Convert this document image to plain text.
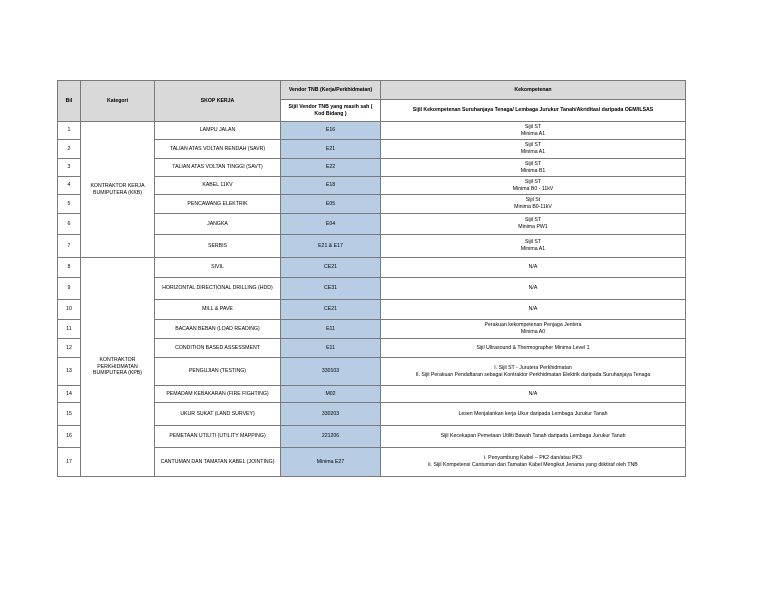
Bil	Kategori	SKOP KERJA	Vendor TNB (Kerja/Perkhidmatan)	Kekompetenan
			Sijil Vendor TNB yang masih sah ( Kod Bidang )	Sijil Kekompetenan Suruhanjaya Tenaga/ Lembaga Jurukur Tanah/Akriditasi daripada OEM/ILSAS
1	KONTRAKTOR KERJA BUMIPUTERA (KKB)	LAMPU JALAN	E16	Sijil ST
Minima A1

2		TALIAN ATAS VOLTAN RENDAH (SAVR)	E21	Sijil ST
Minima A1

3		TALIAN ATAS VOLTAN TINGGI (SAVT)	E22	Sijil ST
Minima B1

4		KABEL 11KV	E18	Sijil ST
Minima B0 - 11kV

5		PENCAWANG ELEKTRIK	E05	Sijil St
Minima B0-11kV

6		JANGKA	E04	Sijil ST
Minima PW1

7		SERBIS	E21 & E17	Sijil ST
Minima A1

8	KONTRAKTOR PERKHIDMATAN BUMIPUTERA (KPB)	SIVIL	CE21	N/A

9		HORIZONTAL DIRECTIONAL DRILLING (HDD)	CE31	N/A

10		MILL & PAVE	CE21	N/A

11		BACAAN BEBAN (LOAD READING)	E11	Perakuan kekompetenan Penjaga Jentera
Minima A0

12		CONDITION BASED ASSESSMENT	E11	Sijil Ultrasound & Thermographer Minima Level 1

13		PENGUJIAN (TESTING)	330103	I. Sijil ST - Jurutera Perkhidmatan
II. Sijil Perakuan Pendaftaran sebagai Kontraktor Perkhidmatan Elektrik daripada Suruhanjaya Tenaga

14		PEMADAM KEBAKARAN (FIRE FIGHTING)	M02	N/A

15		UKUR SUKAT (LAND SURVEY)	330203	Lesen Menjalankan kerja Ukur daripada Lembaga Jurukur Tanah

16		PEMETAAN UTILITI (UTILITY MAPPING)	221206	Sijil Kecekapan Pemetaan Utiliti Bawah Tanah daripada Lembaga Jurukur Tanah

17		CANTUMAN DAN TAMATAN KABEL (JOINTING)	Minima E27	i. Penyambung Kabel – PK2 dan/atau PK3
ii. Sijil Kompetensi Cantuman dan Tamatan Kabel Mengikut Jenama yang diiktiraf oleh TNB
